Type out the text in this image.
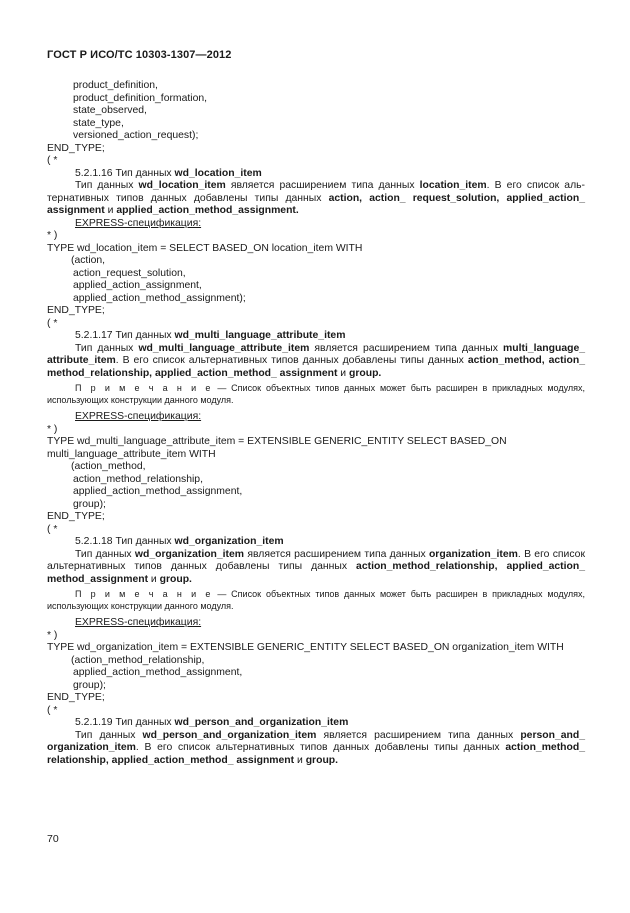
ГОСТ Р ИСО/ТС 10303-1307—2012
product_definition,
product_definition_formation,
state_observed,
state_type,
versioned_action_request);
END_TYPE;
( *
5.2.1.16 Тип данных wd_location_item
Тип данных wd_location_item является расширением типа данных location_item. В его список аль-тернативных типов данных добавлены типы данных action, action_ request_solution, applied_action_ assignment и applied_action_method_assignment.
EXPRESS-спецификация:
* )
TYPE wd_location_item = SELECT BASED_ON location_item WITH
(action,
action_request_solution,
applied_action_assignment,
applied_action_method_assignment);
END_TYPE;
( *
5.2.1.17 Тип данных wd_multi_language_attribute_item
Тип данных wd_multi_language_attribute_item является расширением типа данных multi_language_ attribute_item. В его список альтернативных типов данных добавлены типы данных action_method, action_ method_relationship, applied_action_method_ assignment и group.
П р и м е ч а н и е — Список объектных типов данных может быть расширен в прикладных модулях, использующих конструкции данного модуля.
EXPRESS-спецификация:
* )
TYPE wd_multi_language_attribute_item = EXTENSIBLE GENERIC_ENTITY SELECT BASED_ON
multi_language_attribute_item WITH
(action_method,
action_method_relationship,
applied_action_method_assignment,
group);
END_TYPE;
( *
5.2.1.18 Тип данных wd_organization_item
Тип данных wd_organization_item является расширением типа данных organization_item. В его список альтернативных типов данных добавлены типы данных action_method_relationship, applied_action_ method_assignment и group.
П р и м е ч а н и е — Список объектных типов данных может быть расширен в прикладных модулях, использующих конструкции данного модуля.
EXPRESS-спецификация:
* )
TYPE wd_organization_item = EXTENSIBLE GENERIC_ENTITY SELECT BASED_ON organization_item WITH
(action_method_relationship,
applied_action_method_assignment,
group);
END_TYPE;
( *
5.2.1.19 Тип данных wd_person_and_organization_item
Тип данных wd_person_and_organization_item является расширением типа данных person_and_ organization_item. В его список альтернативных типов данных добавлены типы данных action_method_ relationship, applied_action_method_ assignment и group.
70
